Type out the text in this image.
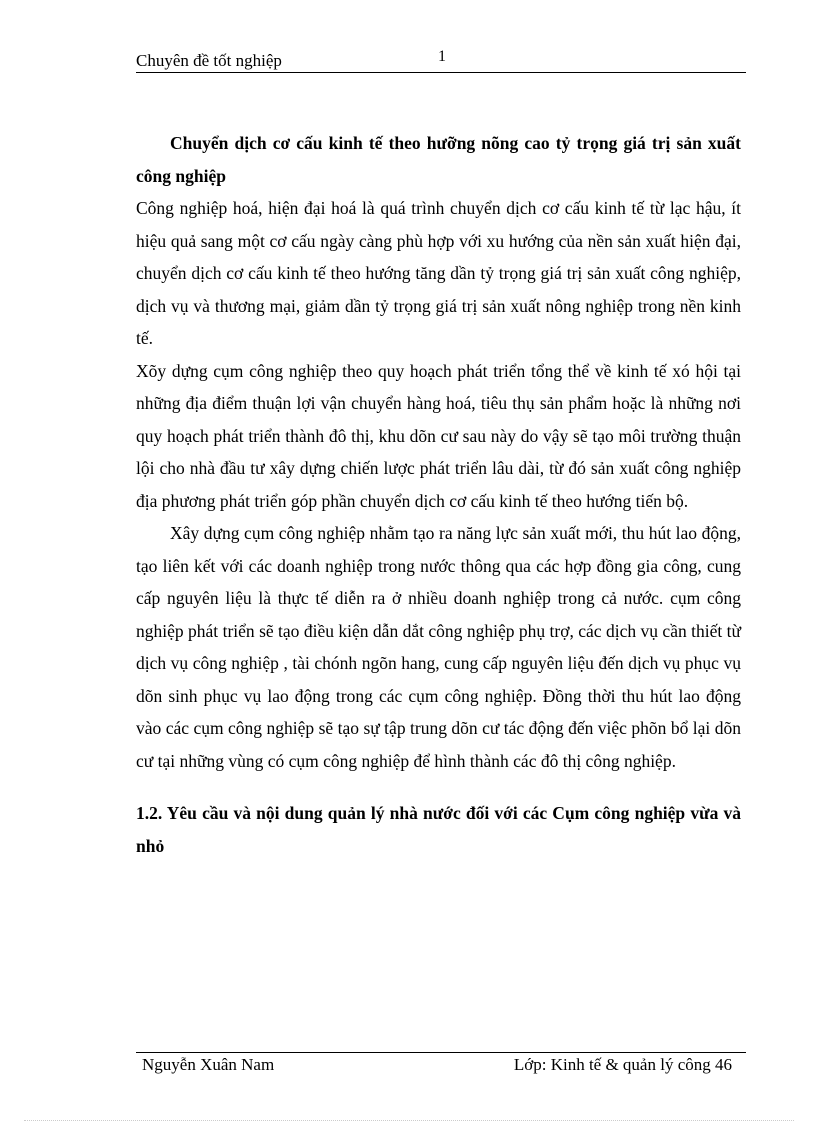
Chuyên đề tốt nghiệp	1

Chuyển dịch cơ cấu kinh tế theo hưỡng nõng cao tỷ trọng giá trị sản xuất công nghiệp

Công nghiệp hoá, hiện đại hoá là quá trình chuyển dịch cơ cấu kinh tế từ lạc hậu, ít hiệu quả sang một cơ cấu ngày càng phù hợp với xu hướng của nền sản xuất hiện đại, chuyển dịch cơ cấu kinh tế theo hướng tăng dần tỷ trọng giá trị sản xuất công nghiệp, dịch vụ và thương mại, giảm dần tỷ trọng giá trị sản xuất nông nghiệp trong nền kinh tế.

Xõy dựng cụm công nghiệp theo quy hoạch phát triển tổng thể về kinh tế xó hội tại những địa điểm thuận lợi vận chuyển hàng hoá, tiêu thụ sản phẩm hoặc là những nơi quy hoạch phát triển thành đô thị, khu dõn cư sau này do vậy sẽ tạo môi trường thuận lội cho nhà đầu tư xây dựng chiến lược phát triển lâu dài, từ đó sản xuất công nghiệp địa phương phát triển góp phần chuyển dịch cơ cấu kinh tế theo hướng tiến bộ.

Xây dựng cụm công nghiệp nhằm tạo ra năng lực sản xuất mới, thu hút lao động, tạo liên kết với các doanh nghiệp trong nước thông qua các hợp đồng gia công, cung cấp nguyên liệu là thực tế diễn ra ở nhiều doanh nghiệp trong cả nước. cụm công nghiệp phát triển sẽ tạo điều kiện dẫn dắt công nghiệp phụ trợ, các dịch vụ cần thiết từ dịch vụ công nghiệp , tài chónh ngõn hang, cung cấp nguyên liệu đến dịch vụ phục vụ dõn sinh phục vụ lao động trong các cụm công nghiệp. Đồng thời thu hút lao động vào các cụm công nghiệp sẽ tạo sự tập trung dõn cư tác động đến việc phõn bổ lại dõn cư tại những vùng có cụm công nghiệp để hình thành các đô thị công nghiệp.

1.2. Yêu cầu và nội dung quản lý nhà nước đối với các Cụm công nghiệp vừa và nhỏ

Nguyễn Xuân Nam	Lớp: Kinh tế & quản lý công 46
